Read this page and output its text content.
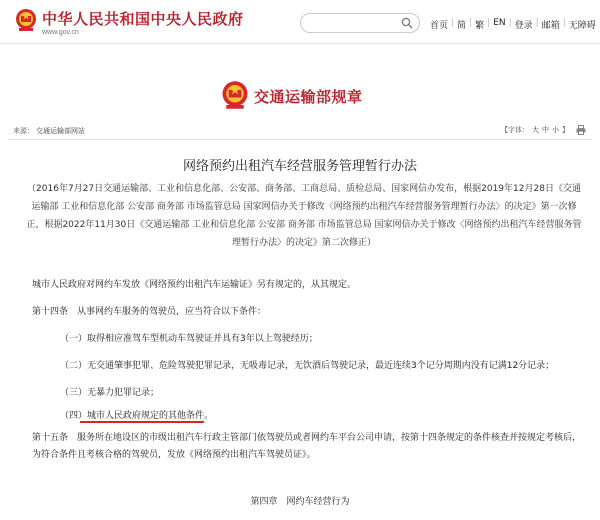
中华人民共和国中央人民政府
www.gov.cn
首页 | 简 | 繁 | EN | 登录 | 邮箱 | 无障碍
交通运输部规章
来源： 交通运输部网站	【字体： 大 中 小 】
网络预约出租汽车经营服务管理暂行办法
（2016年7月27日交通运输部、工业和信息化部、公安部、商务部、工商总局、质检总局、国家网信办发布，根据2019年12月28日《交通运输部 工业和信息化部 公安部 商务部 市场监管总局 国家网信办关于修改〈网络预约出租汽车经营服务管理暂行办法〉的决定》第一次修正，根据2022年11月30日《交通运输部 工业和信息化部 公安部 商务部 市场监管总局 国家网信办关于修改〈网络预约出租汽车经营服务管理暂行办法〉的决定》第二次修正）
城市人民政府对网约车发放《网络预约出租汽车运输证》另有规定的，从其规定。
第十四条　从事网约车服务的驾驶员，应当符合以下条件：
（一）取得相应准驾车型机动车驾驶证并具有3年以上驾驶经历；
（二）无交通肇事犯罪、危险驾驶犯罪记录，无吸毒记录，无饮酒后驾驶记录，最近连续3个记分周期内没有记满12分记录；
（三）无暴力犯罪记录；
（四）城市人民政府规定的其他条件。
第十五条　服务所在地设区的市级出租汽车行政主管部门依驾驶员或者网约车平台公司申请，按第十四条规定的条件核查并按规定考核后，为符合条件且考核合格的驾驶员，发放《网络预约出租汽车驾驶员证》。
第四章　网约车经营行为
